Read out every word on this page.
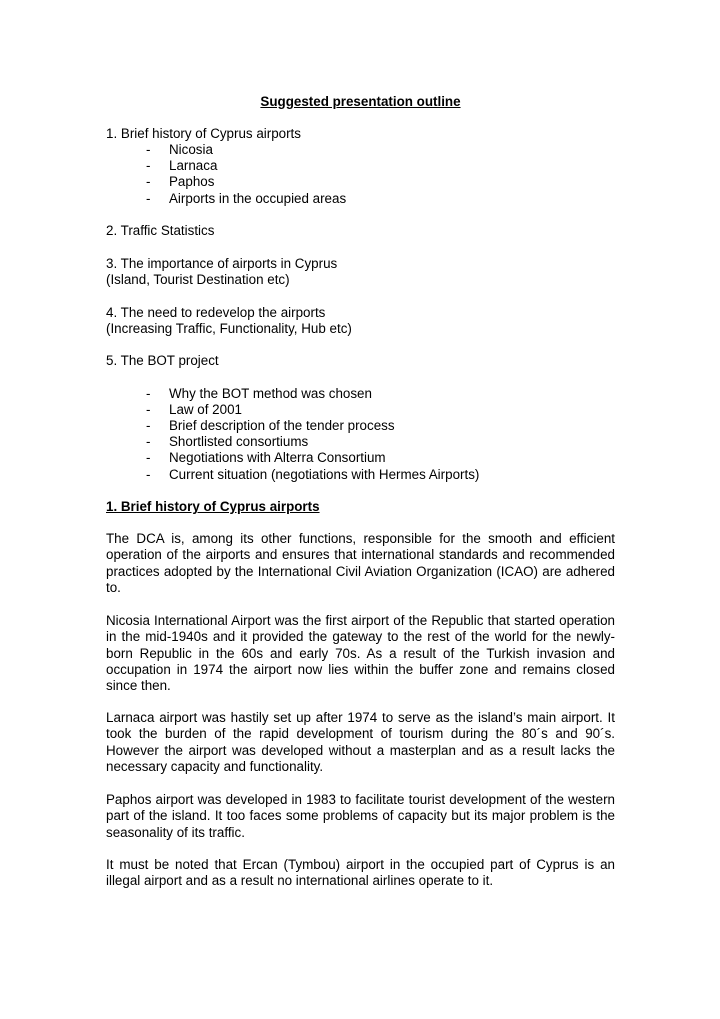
Suggested presentation outline
1. Brief history of Cyprus airports
- Nicosia
- Larnaca
- Paphos
- Airports in the occupied areas
2. Traffic Statistics
3. The importance of airports in Cyprus
(Island, Tourist Destination etc)
4. The need to redevelop the airports
(Increasing Traffic, Functionality, Hub etc)
5. The BOT project
- Why the BOT method was chosen
- Law of 2001
- Brief description of the tender process
- Shortlisted consortiums
- Negotiations with Alterra Consortium
- Current situation (negotiations with Hermes Airports)
1. Brief history of Cyprus airports
The DCA is, among its other functions, responsible for the smooth and efficient operation of the airports and ensures that international standards and recommended practices adopted by the International Civil Aviation Organization (ICAO) are adhered to.
Nicosia International Airport was the first airport of the Republic that started operation in the mid-1940s and it provided the gateway to the rest of the world for the newly-born Republic in the 60s and early 70s. As a result of the Turkish invasion and occupation in 1974 the airport now lies within the buffer zone and remains closed since then.
Larnaca airport was hastily set up after 1974 to serve as the island’s main airport. It took the burden of the rapid development of tourism during the 80´s and 90´s. However the airport was developed without a masterplan and as a result lacks the necessary capacity and functionality.
Paphos airport was developed in 1983 to facilitate tourist development of the western part of the island. It too faces some problems of capacity but its major problem is the seasonality of its traffic.
It must be noted that Ercan (Tymbou) airport in the occupied part of Cyprus is an illegal airport and as a result no international airlines operate to it.
